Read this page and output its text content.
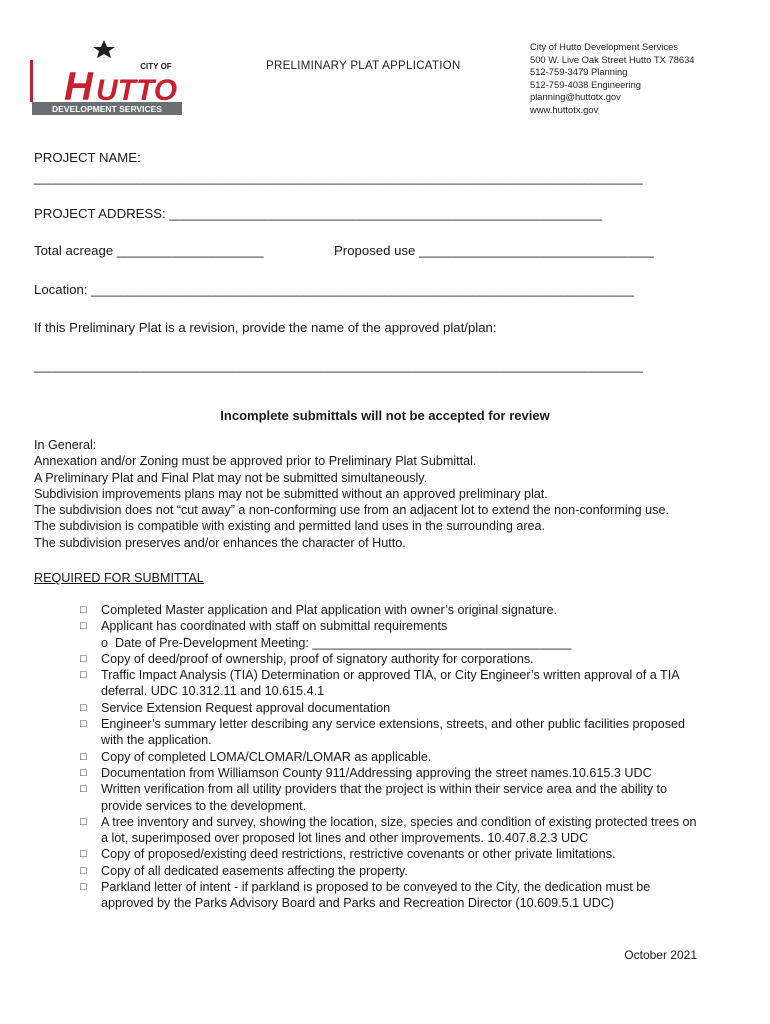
DEVELOPMENT SERVICES
H UTTO
CITY OF	PRELIMINARY PLAT APPLICATION
City of Hutto Development Services
500 W. Live Oak Street Hutto TX 78634
512-759-3479 Planning
512-759-4038 Engineering
planning@huttotx.gov
www.huttotx.gov
PROJECT NAME:
___________________________________________________________________________________
PROJECT ADDRESS: ___________________________________________________________
Total acreage ____________________	Proposed use ________________________________
Location: __________________________________________________________________________
If this Preliminary Plat is a revision, provide the name of the approved plat/plan:
___________________________________________________________________________________
Incomplete submittals will not be accepted for review
In General:
Annexation and/or Zoning must be approved prior to Preliminary Plat Submittal.
A Preliminary Plat and Final Plat may not be submitted simultaneously.
Subdivision improvements plans may not be submitted without an approved preliminary plat.
The subdivision does not “cut away” a non-conforming use from an adjacent lot to extend the non-conforming use.
The subdivision is compatible with existing and permitted land uses in the surrounding area.
The subdivision preserves and/or enhances the character of Hutto.
REQUIRED FOR SUBMITTAL
□	Completed Master application and Plat application with owner’s original signature.
□	Applicant has coordinated with staff on submittal requirements
o Date of Pre-Development Meeting: _____________________________________
□	Copy of deed/proof of ownership, proof of signatory authority for corporations.
□	Traffic Impact Analysis (TIA) Determination or approved TIA, or City Engineer’s written approval of a TIA deferral. UDC 10.312.11 and 10.615.4.1
□	Service Extension Request approval documentation
□	Engineer’s summary letter describing any service extensions, streets, and other public facilities proposed with the application.
□	Copy of completed LOMA/CLOMAR/LOMAR as applicable.
□	Documentation from Williamson County 911/Addressing approving the street names.10.615.3 UDC
□	Written verification from all utility providers that the project is within their service area and the ability to provide services to the development.
□	A tree inventory and survey, showing the location, size, species and condition of existing protected trees on a lot, superimposed over proposed lot lines and other improvements. 10.407.8.2.3 UDC
□	Copy of proposed/existing deed restrictions, restrictive covenants or other private limitations.
□	Copy of all dedicated easements affecting the property.
□	Parkland letter of intent - if parkland is proposed to be conveyed to the City, the dedication must be approved by the Parks Advisory Board and Parks and Recreation Director (10.609.5.1 UDC)
October 2021
